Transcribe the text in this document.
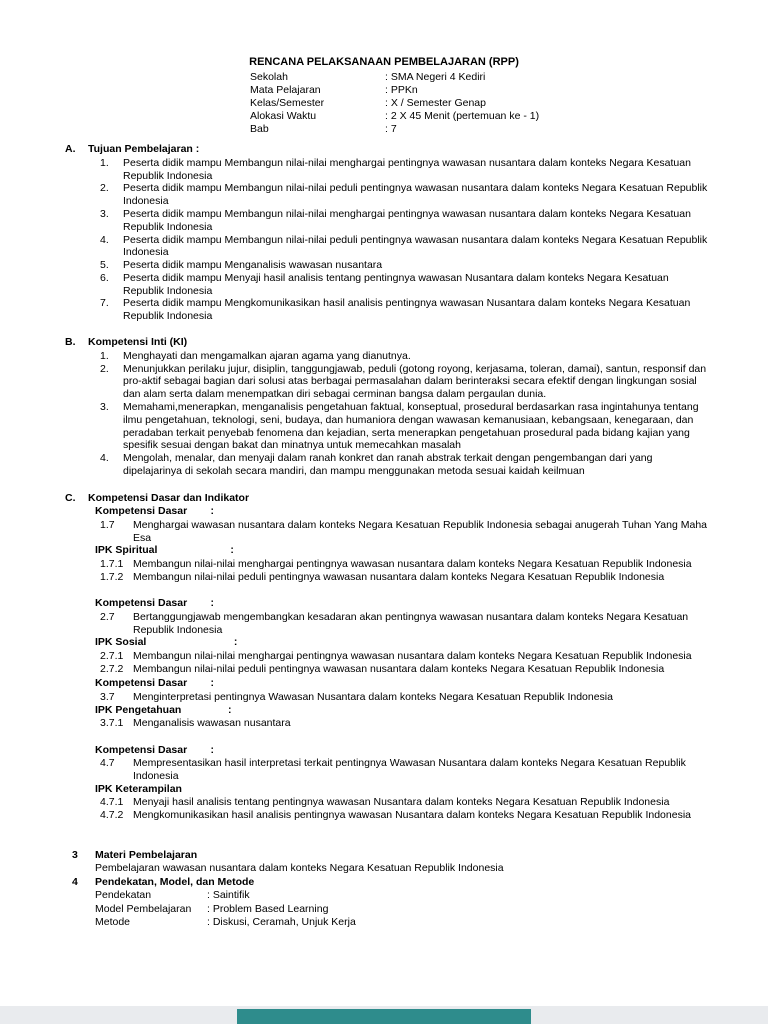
RENCANA PELAKSANAAN PEMBELAJARAN (RPP)
Sekolah	: SMA Negeri 4 Kediri
Mata Pelajaran	: PPKn
Kelas/Semester	: X / Semester Genap
Alokasi Waktu	: 2 X 45 Menit (pertemuan ke - 1)
Bab	: 7
A.	Tujuan Pembelajaran :
1.	Peserta didik mampu Membangun nilai-nilai menghargai pentingnya wawasan nusantara dalam konteks Negara Kesatuan Republik Indonesia
2.	Peserta didik mampu Membangun nilai-nilai peduli pentingnya wawasan nusantara dalam konteks Negara Kesatuan Republik Indonesia
3.	Peserta didik mampu Membangun nilai-nilai menghargai pentingnya wawasan nusantara dalam konteks Negara Kesatuan Republik Indonesia
4.	Peserta didik mampu Membangun nilai-nilai peduli pentingnya wawasan nusantara dalam konteks Negara Kesatuan Republik Indonesia
5.	Peserta didik mampu Menganalisis wawasan nusantara
6.	Peserta didik mampu Menyaji hasil analisis tentang pentingnya wawasan Nusantara dalam konteks Negara Kesatuan Republik Indonesia
7.	Peserta didik mampu Mengkomunikasikan hasil analisis pentingnya wawasan Nusantara dalam konteks Negara Kesatuan Republik Indonesia
B.	Kompetensi Inti (KI)
1.	Menghayati dan mengamalkan ajaran agama yang dianutnya.
2.	Menunjukkan perilaku jujur, disiplin, tanggungjawab, peduli (gotong royong, kerjasama, toleran, damai), santun, responsif dan pro-aktif sebagai bagian dari solusi atas berbagai permasalahan dalam berinteraksi secara efektif dengan lingkungan sosial dan alam serta dalam menempatkan diri sebagai cerminan bangsa dalam pergaulan dunia.
3.	Memahami,menerapkan, menganalisis pengetahuan faktual, konseptual, prosedural berdasarkan rasa ingintahunya tentang ilmu pengetahuan, teknologi, seni, budaya, dan humaniora dengan wawasan kemanusiaan, kebangsaan, kenegaraan, dan peradaban terkait penyebab fenomena dan kejadian, serta menerapkan pengetahuan prosedural pada bidang kajian yang spesifik sesuai dengan bakat dan minatnya untuk memecahkan masalah
4.	Mengolah, menalar, dan menyaji dalam ranah konkret dan ranah abstrak terkait dengan pengembangan dari yang dipelajarinya di sekolah secara mandiri, dan mampu menggunakan metoda sesuai kaidah keilmuan
C.	Kompetensi Dasar dan Indikator
Kompetensi Dasar        :
1.7	Menghargai wawasan nusantara dalam konteks Negara Kesatuan Republik Indonesia sebagai anugerah Tuhan Yang Maha Esa
IPK Spiritual                         :
1.7.1 Membangun nilai-nilai menghargai pentingnya wawasan nusantara dalam konteks Negara Kesatuan Republik Indonesia
1.7.2 Membangun nilai-nilai peduli pentingnya wawasan nusantara dalam konteks Negara Kesatuan Republik Indonesia
Kompetensi Dasar        :
2.7	Bertanggungjawab mengembangkan kesadaran akan pentingnya wawasan nusantara dalam konteks Negara Kesatuan Republik Indonesia
IPK Sosial                              :
2.7.1 Membangun nilai-nilai menghargai pentingnya wawasan nusantara dalam konteks Negara Kesatuan Republik Indonesia
2.7.2 Membangun nilai-nilai peduli pentingnya wawasan nusantara dalam konteks Negara Kesatuan Republik Indonesia
Kompetensi Dasar        :
3.7	Menginterpretasi pentingnya Wawasan Nusantara dalam konteks Negara Kesatuan Republik Indonesia
IPK Pengetahuan                :
3.7.1 Menganalisis wawasan nusantara
Kompetensi Dasar        :
4.7	Mempresentasikan hasil interpretasi terkait pentingnya Wawasan Nusantara dalam konteks Negara Kesatuan Republik Indonesia
IPK Keterampilan
4.7.1 Menyaji hasil analisis tentang pentingnya wawasan Nusantara dalam konteks Negara Kesatuan Republik Indonesia
4.7.2 Mengkomunikasikan hasil analisis pentingnya wawasan Nusantara dalam konteks Negara Kesatuan Republik Indonesia
3	Materi Pembelajaran
Pembelajaran wawasan nusantara dalam konteks Negara Kesatuan Republik Indonesia
4	Pendekatan, Model, dan Metode
Pendekatan	: Saintifik
Model Pembelajaran	: Problem Based Learning
Metode	: Diskusi, Ceramah, Unjuk Kerja
